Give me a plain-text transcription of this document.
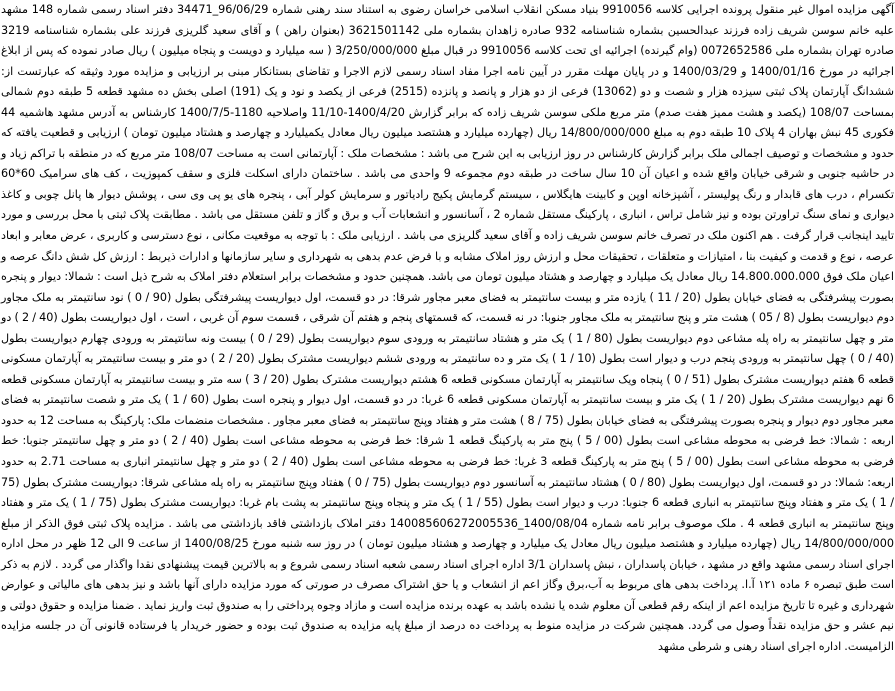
آگهی مزایده اموال غیر منقول پرونده اجرایی کلاسه 9910056 بنیاد مسکن انقلاب اسلامی خراسان رضوی به استناد سند رهنی شماره 96/06/29_34471 دفتر اسناد رسمی شماره 148 مشهد علیه خانم سوسن شریف زاده فرزند عبدالحسین بشماره شناسنامه 932 صادره زاهدان بشماره ملی 3621501142 (بعنوان راهن ) و آقای سعید گلریزی فرزند علی بشماره شناسنامه 3219 صادره تهران بشماره ملی 0072652586 (وام گیرنده) اجرائیه ای تحت کلاسه 9910056 در قبال مبلغ 3/250/000/000 ( سه میلیارد و دویست و پنجاه میلیون ) ریال صادر نموده که پس از ابلاغ اجرائیه در مورخ 1400/01/16 و 1400/03/29 و در پایان مهلت مقرر در آیین نامه اجرا مفاد اسناد رسمی لازم الاجرا و تقاضای بستانکار مبنی بر ارزیابی و مزایده مورد وثیقه که عبارتست از: ششدانگ آپارتمان پلاک ثبتی سیزده هزار و شصت و دو (13062) فرعی از دو هزار و پانصد و پانزده (2515) فرعی از یکصد و نود و یک (191) اصلی بخش ده مشهد قطعه 5 طبقه دوم شمالی بمساحت 108/07 (یکصد و هشت ممیز هفت صدم) متر مربع ملکی سوسن شریف زاده که برابر گزارش 1400/4/20-11/10 واصلاحیه 1180-1400/7/5 کارشناس به آدرس مشهد هاشمیه 44 فکوری 45 نبش بهاران 4 پلاک 10 طبقه دوم به مبلغ 14/800/000/000 ریال (چهارده میلیارد و هشتصد میلیون ریال معادل یکمیلیارد و چهارصد و هشتاد میلیون تومان ) ارزیابی و قطعیت یافته که حدود و مشخصات و توصیف اجمالی ملک برابر گزارش کارشناس در روز ارزیابی به این شرح می باشد : مشخصات ملک : آپارتمانی است به مساحت 108/07 متر مربع که در منطقه با تراکم زیاد و در حاشیه جنوبی و شرقی خیابان واقع شده و اعیان آن 10 سال ساخت در طبقه دوم مجموعه 9 واحدی می باشد . ساختمان دارای اسکلت فلزی و سقف کمپوزیت ، کف های سرامیک 60*60 تکسرام ، درب های قابدار و رنگ پولیستر ، آشپزخانه اوپن و کابینت هایگلاس ، سیستم گرمایش پکیج رادیاتور و سرمایش کولر آبی ، پنجره های یو پی وی سی ، پوشش دیوار ها پانل چوبی و کاغذ دیواری و نمای سنگ تراورتن بوده و نیز شامل تراس ، انباری ، پارکینگ مستقل شماره 2 ، آسانسور و انشعابات آب و برق و گاز و تلفن مستقل می باشد . مطابقت پلاک ثبتی با محل بررسی و مورد تایید اینجانب قرار گرفت . هم اکنون ملک در تصرف خانم سوسن شریف زاده و آقای سعید گلریزی می باشد . ارزیابی ملک : با توجه به موقعیت مکانی ، نوع دسترسی و کاربری ، عرض معابر و ابعاد عرصه ، نوع و قدمت و کیفیت بنا ، امتیازات و متعلقات ، تحقیقات محل و ارزش روز املاک مشابه و با فرض عدم بدهی به شهرداری و سایر سازمانها و ادارات ذیربط : ارزش کل شش دانگ عرصه و اعیان ملک فوق 14.800.000.000 ریال معادل یک میلیارد و چهارصد و هشتاد میلیون تومان می باشد. همچنین حدود و مشخصات برابر استعلام دفتر املاک به شرح ذیل است : شمالا: دیوار و پنجره بصورت پیشرفتگی به فضای خیابان بطول (20 / 11 ) یازده متر و بیست سانتیمتر به فضای معبر مجاور شرقا: در دو قسمت، اول دیواریست پیشرفتگی بطول (90 / 0 ) نود سانتیمتر به ملک مجاور دوم دیواریست بطول (8 / 05 ) هشت متر و پنج سانتیمتر به ملک مجاور جنوبا: در نه قسمت، که قسمتهای پنجم و هفتم آن شرقی ، قسمت سوم آن غربی ، است ، اول دیواریست بطول (40 / 2 ) دو متر و چهل سانتیمتر به راه پله مشاعی دوم دیواریست بطول (80 / 1 ) یک متر و هشتاد سانتیمتر به ورودی سوم دیواریست بطول (29 / 0 ) بیست ونه سانتیمتر به ورودی چهارم دیواریست بطول (40 / 0 ) چهل سانتیمتر به ورودی پنجم درب و دیوار است بطول (10 / 1 ) یک متر و ده سانتیمتر به ورودی ششم دیواریست مشترک بطول (20 / 2 ) دو متر و بیست سانتیمتر به آپارتمان مسکونی قطعه 6 هفتم دیواریست مشترک بطول (51 / 0 ) پنجاه ویک سانتیمتر به آپارتمان مسکونی قطعه 6 هشتم دیواریست مشترک بطول (20 / 3 ) سه متر و بیست سانتیمتر به آپارتمان مسکونی قطعه 6 نهم دیواریست مشترک بطول (20 / 1 ) یک متر و بیست سانتیمتر به آپارتمان مسکونی قطعه 6 غربا: در دو قسمت، اول دیوار و پنجره است بطول (60 / 1 ) یک متر و شصت سانتیمتر به فضای معبر مجاور دوم دیوار و پنجره بصورت پیشرفتگی به فضای خیابان بطول (75 / 8 ) هشت متر و هفتاد وپنج سانتیمتر به فضای معبر مجاور . مشخصات منضمات ملک: پارکینگ به مساحت 12 به حدود اربعه : شمالا: خط فرضی به محوطه مشاعی است بطول (00 / 5 ) پنج متر به پارکینگ قطعه 1 شرقا: خط فرضی به محوطه مشاعی است بطول (40 / 2 ) دو متر و چهل سانتیمتر جنوبا: خط فرضی به محوطه مشاعی است بطول (00 / 5 ) پنج متر به پارکینگ قطعه 3 غربا: خط فرضی به محوطه مشاعی است بطول (40 / 2 ) دو متر و چهل سانتیمتر انباری به مساحت 2.71 به حدود اربعه: شمالا: در دو قسمت، اول دیواریست بطول (80 / 0 ) هشتاد سانتیمتر به آسانسور دوم دیواریست بطول (75 / 0 ) هفتاد وپنج سانتیمتر به راه پله مشاعی شرقا: دیواریست مشترک بطول (75 / 1 ) یک متر و هفتاد وپنج سانتیمتر به انباری قطعه 6 جنوبا: درب و دیوار است بطول (55 / 1 ) یک متر و پنجاه وپنج سانتیمتر به پشت بام غربا: دیواریست مشترک بطول (75 / 1 ) یک متر و هفتاد وپنج سانتیمتر به انباری قطعه 4 . ملک موصوف برابر نامه شماره 1400/08/04_140085606272005536 دفتر املاک بازداشتی فاقد بازداشتی می باشد . مزایده پلاک ثبتی فوق الذکر از مبلغ 14/800/000/000 ریال (چهارده میلیارد و هشتصد میلیون ریال معادل یک میلیارد و چهارصد و هشتاد میلیون تومان ) در روز سه شنبه مورخ 1400/08/25 از ساعت 9 الی 12 ظهر در محل اداره اجرای اسناد رسمی مشهد واقع در مشهد ، خیابان پاسداران ، نبش پاسداران 3/1 اداره اجرای اسناد رسمی شعبه اسناد رسمی شروع و به بالاترین قیمت پیشنهادی نقدا واگذار می گردد . لازم به ذکر است طبق تبصره ۶ ماده ۱۲۱ آ.ا. پرداخت بدهی های مربوط به آب،برق وگاز اعم از انشعاب و یا حق اشتراک مصرف در صورتی که مورد مزایده دارای آنها باشد و نیز بدهی های مالیاتی و عوارض شهرداری و غیره تا تاریخ مزایده اعم از اینکه رقم قطعی آن معلوم شده یا نشده باشد به عهده برنده مزایده است و مازاد وجوه پرداختی را به صندوق ثبت واریز نماید . ضمنا مزایده و حقوق دولتی و نیم عشر و حق مزایده نقداً وصول می گردد. همچنین شرکت در مزایده منوط به پرداخت ده درصد از مبلغ پایه مزایده به صندوق ثبت بوده و حضور خریدار یا فرستاده قانونی آن در جلسه مزایده الزامیست. اداره اجرای اسناد رهنی و شرطی مشهد
